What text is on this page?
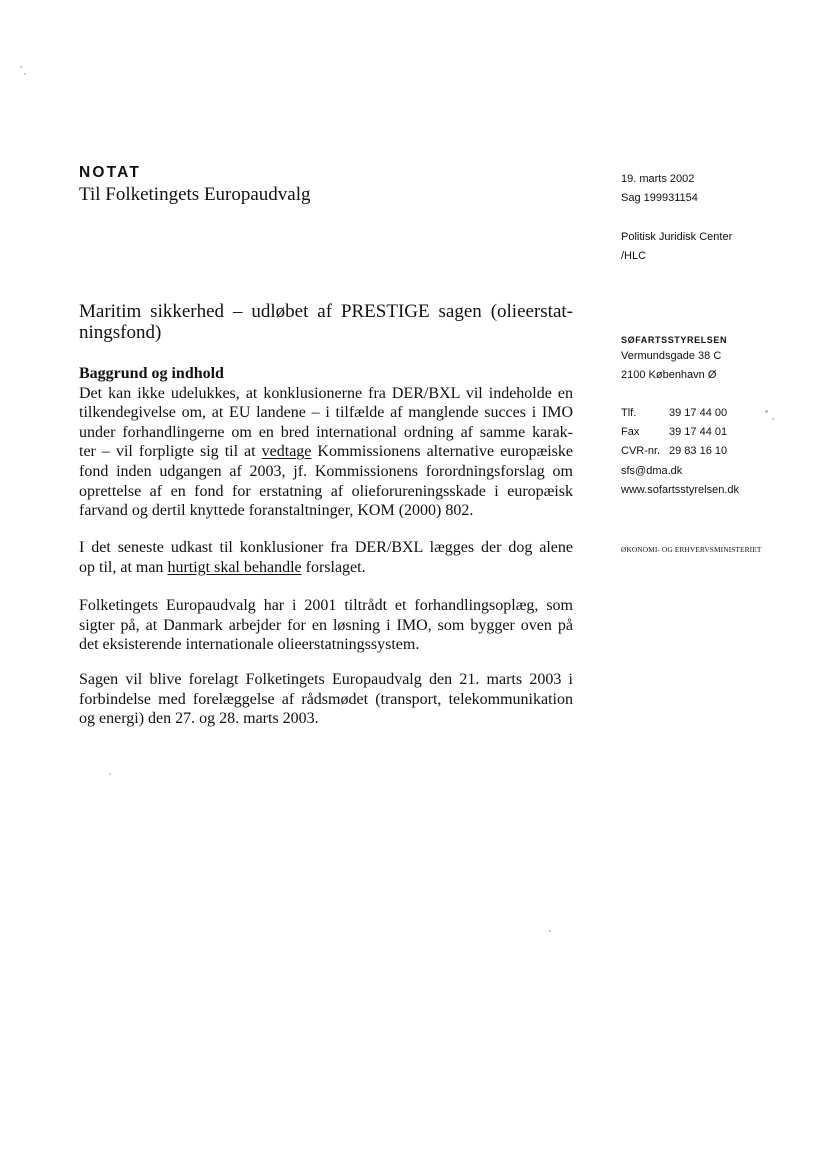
NOTAT
Til Folketingets Europaudvalg
Maritim sikkerhed – udløbet af PRESTIGE sagen (olieerstat-
ningsfond)
Baggrund og indhold
Det kan ikke udelukkes, at konklusionerne fra DER/BXL vil indeholde en
tilkendegivelse om, at EU landene – i tilfælde af manglende succes i IMO
under forhandlingerne om en bred international ordning af samme karak-
ter – vil forpligte sig til at vedtage Kommissionens alternative europæiske
fond inden udgangen af 2003, jf. Kommissionens forordningsforslag om
oprettelse af en fond for erstatning af olieforureningsskade i europæisk
farvand og dertil knyttede foranstaltninger, KOM (2000) 802.
I det seneste udkast til konklusioner fra DER/BXL lægges der dog alene
op til, at man hurtigt skal behandle forslaget.
Folketingets Europaudvalg har i 2001 tiltrådt et forhandlingsoplæg, som
sigter på, at Danmark arbejder for en løsning i IMO, som bygger oven på
det eksisterende internationale olieerstatningssystem.
Sagen vil blive forelagt Folketingets Europaudvalg den 21. marts 2003 i
forbindelse med forelæggelse af rådsmødet (transport, telekommunikation
og energi) den 27. og 28. marts 2003.
19. marts 2002
Sag 199931154
Politisk Juridisk Center
/HLC
SØFARTSSTYRELSEN
Vermundsgade 38 C
2100 København Ø
Tlf.	39 17 44 00
Fax	39 17 44 01
CVR-nr. 29 83 16 10
sfs@dma.dk
www.sofartsstyrelsen.dk
ØKONOMI- OG ERHVERVSMINISTERIET
